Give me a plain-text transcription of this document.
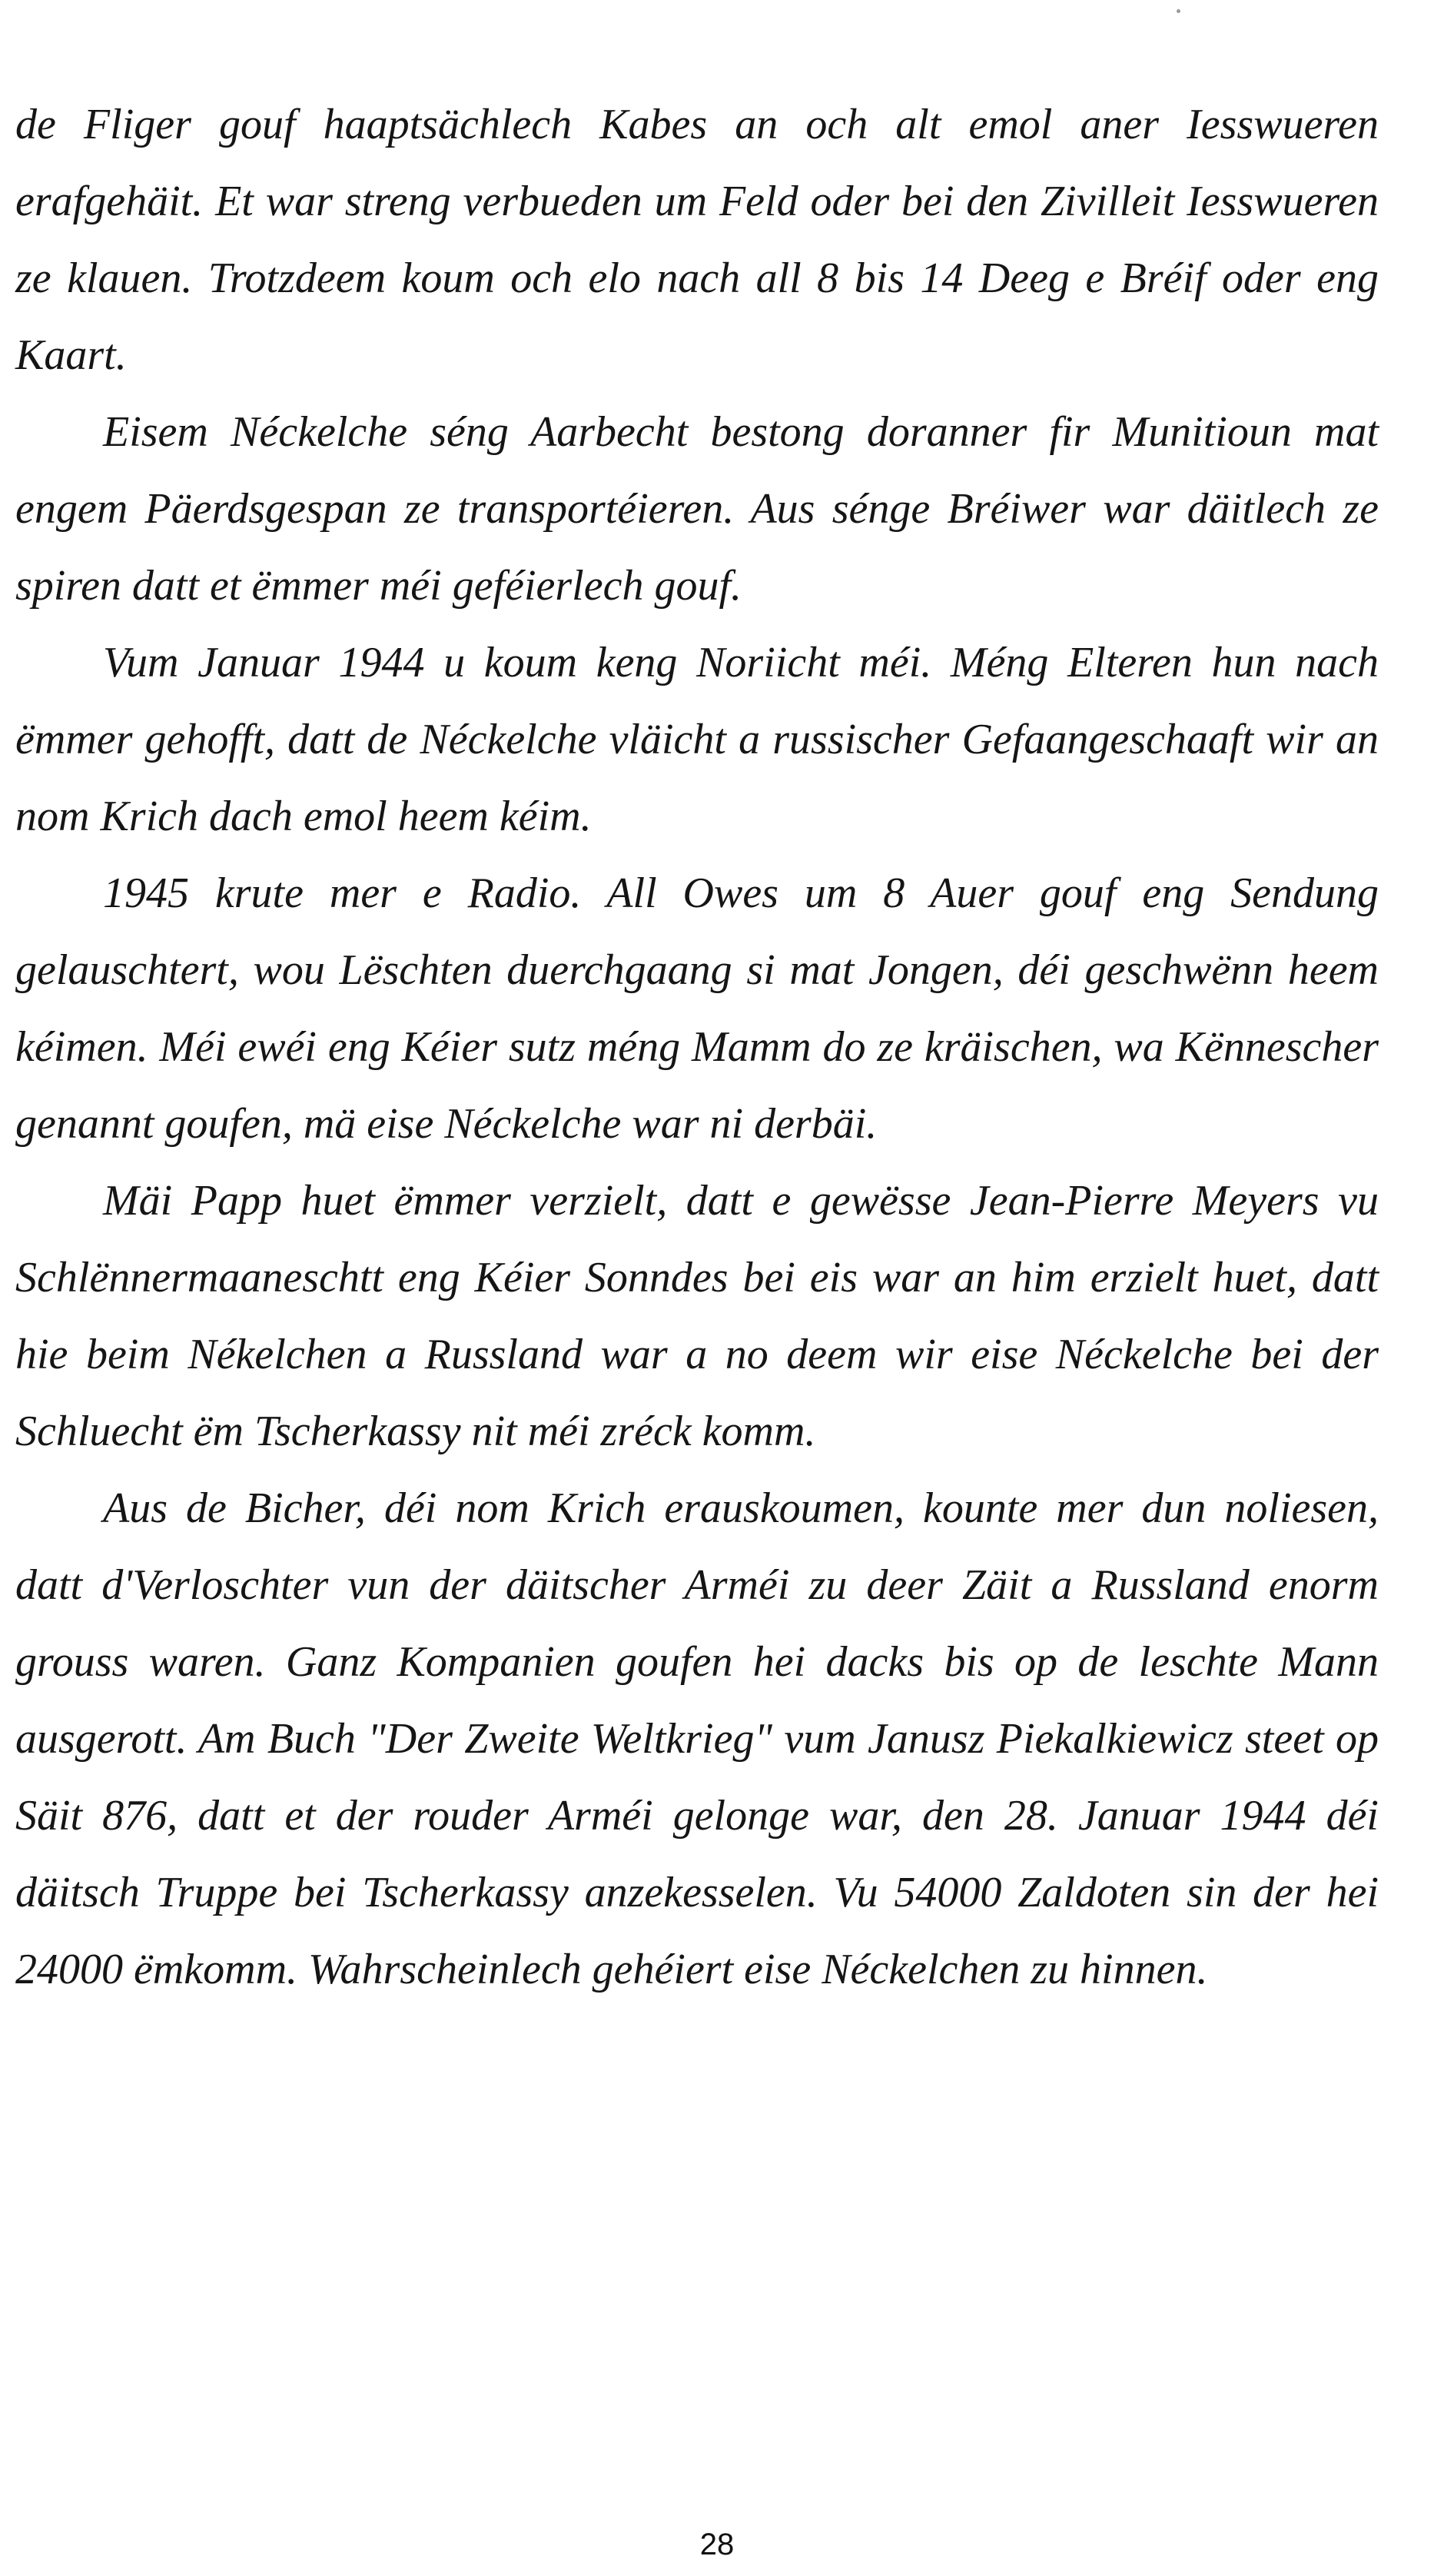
de Fliger gouf haaptsächlech Kabes an och alt emol aner Iesswueren erafgehäit. Et war streng verbueden um Feld oder bei den Zivilleit Iesswueren ze klauen. Trotzdeem koum och elo nach all 8 bis 14 Deeg e Bréif oder eng Kaart.

Eisem Néckelche séng Aarbecht bestong doranner fir Munitioun mat engem Päerdsgespan ze transportéieren. Aus sénge Bréiwer war däitlech ze spiren datt et ëmmer méi geféierlech gouf.

Vum Januar 1944 u koum keng Noriicht méi. Méng Elteren hun nach ëmmer gehofft, datt de Néckelche vläicht a russischer Gefaangeschaaft wir an nom Krich dach emol heem kéim.

1945 krute mer e Radio. All Owes um 8 Auer gouf eng Sendung gelauschtert, wou Lëschten duerchgaang si mat Jongen, déi geschwënn heem kéimen. Méi ewéi eng Kéier sutz méng Mamm do ze kräischen, wa Kënnescher genannt goufen, mä eise Néckelche war ni derbäi.

Mäi Papp huet ëmmer verzielt, datt e gewësse Jean-Pierre Meyers vu Schlënnermaaneschtt eng Kéier Sonndes bei eis war an him erzielt huet, datt hie beim Nékelchen a Russland war a no deem wir eise Néckelche bei der Schluecht ëm Tscherkassy nit méi zréck komm.

Aus de Bicher, déi nom Krich erauskoumen, kounte mer dun noliesen, datt d'Verloschter vun der däitscher Arméi zu deer Zäit a Russland enorm grouss waren. Ganz Kompanien goufen hei dacks bis op de leschte Mann ausgerott. Am Buch "Der Zweite Weltkrieg" vum Janusz Piekalkiewicz steet op Säit 876, datt et der rouder Arméi gelonge war, den 28. Januar 1944 déi däitsch Truppe bei Tscherkassy anzekesselen. Vu 54000 Zaldoten sin der hei 24000 ëmkomm. Wahrscheinlech gehéiert eise Néckelchen zu hinnen.

28
